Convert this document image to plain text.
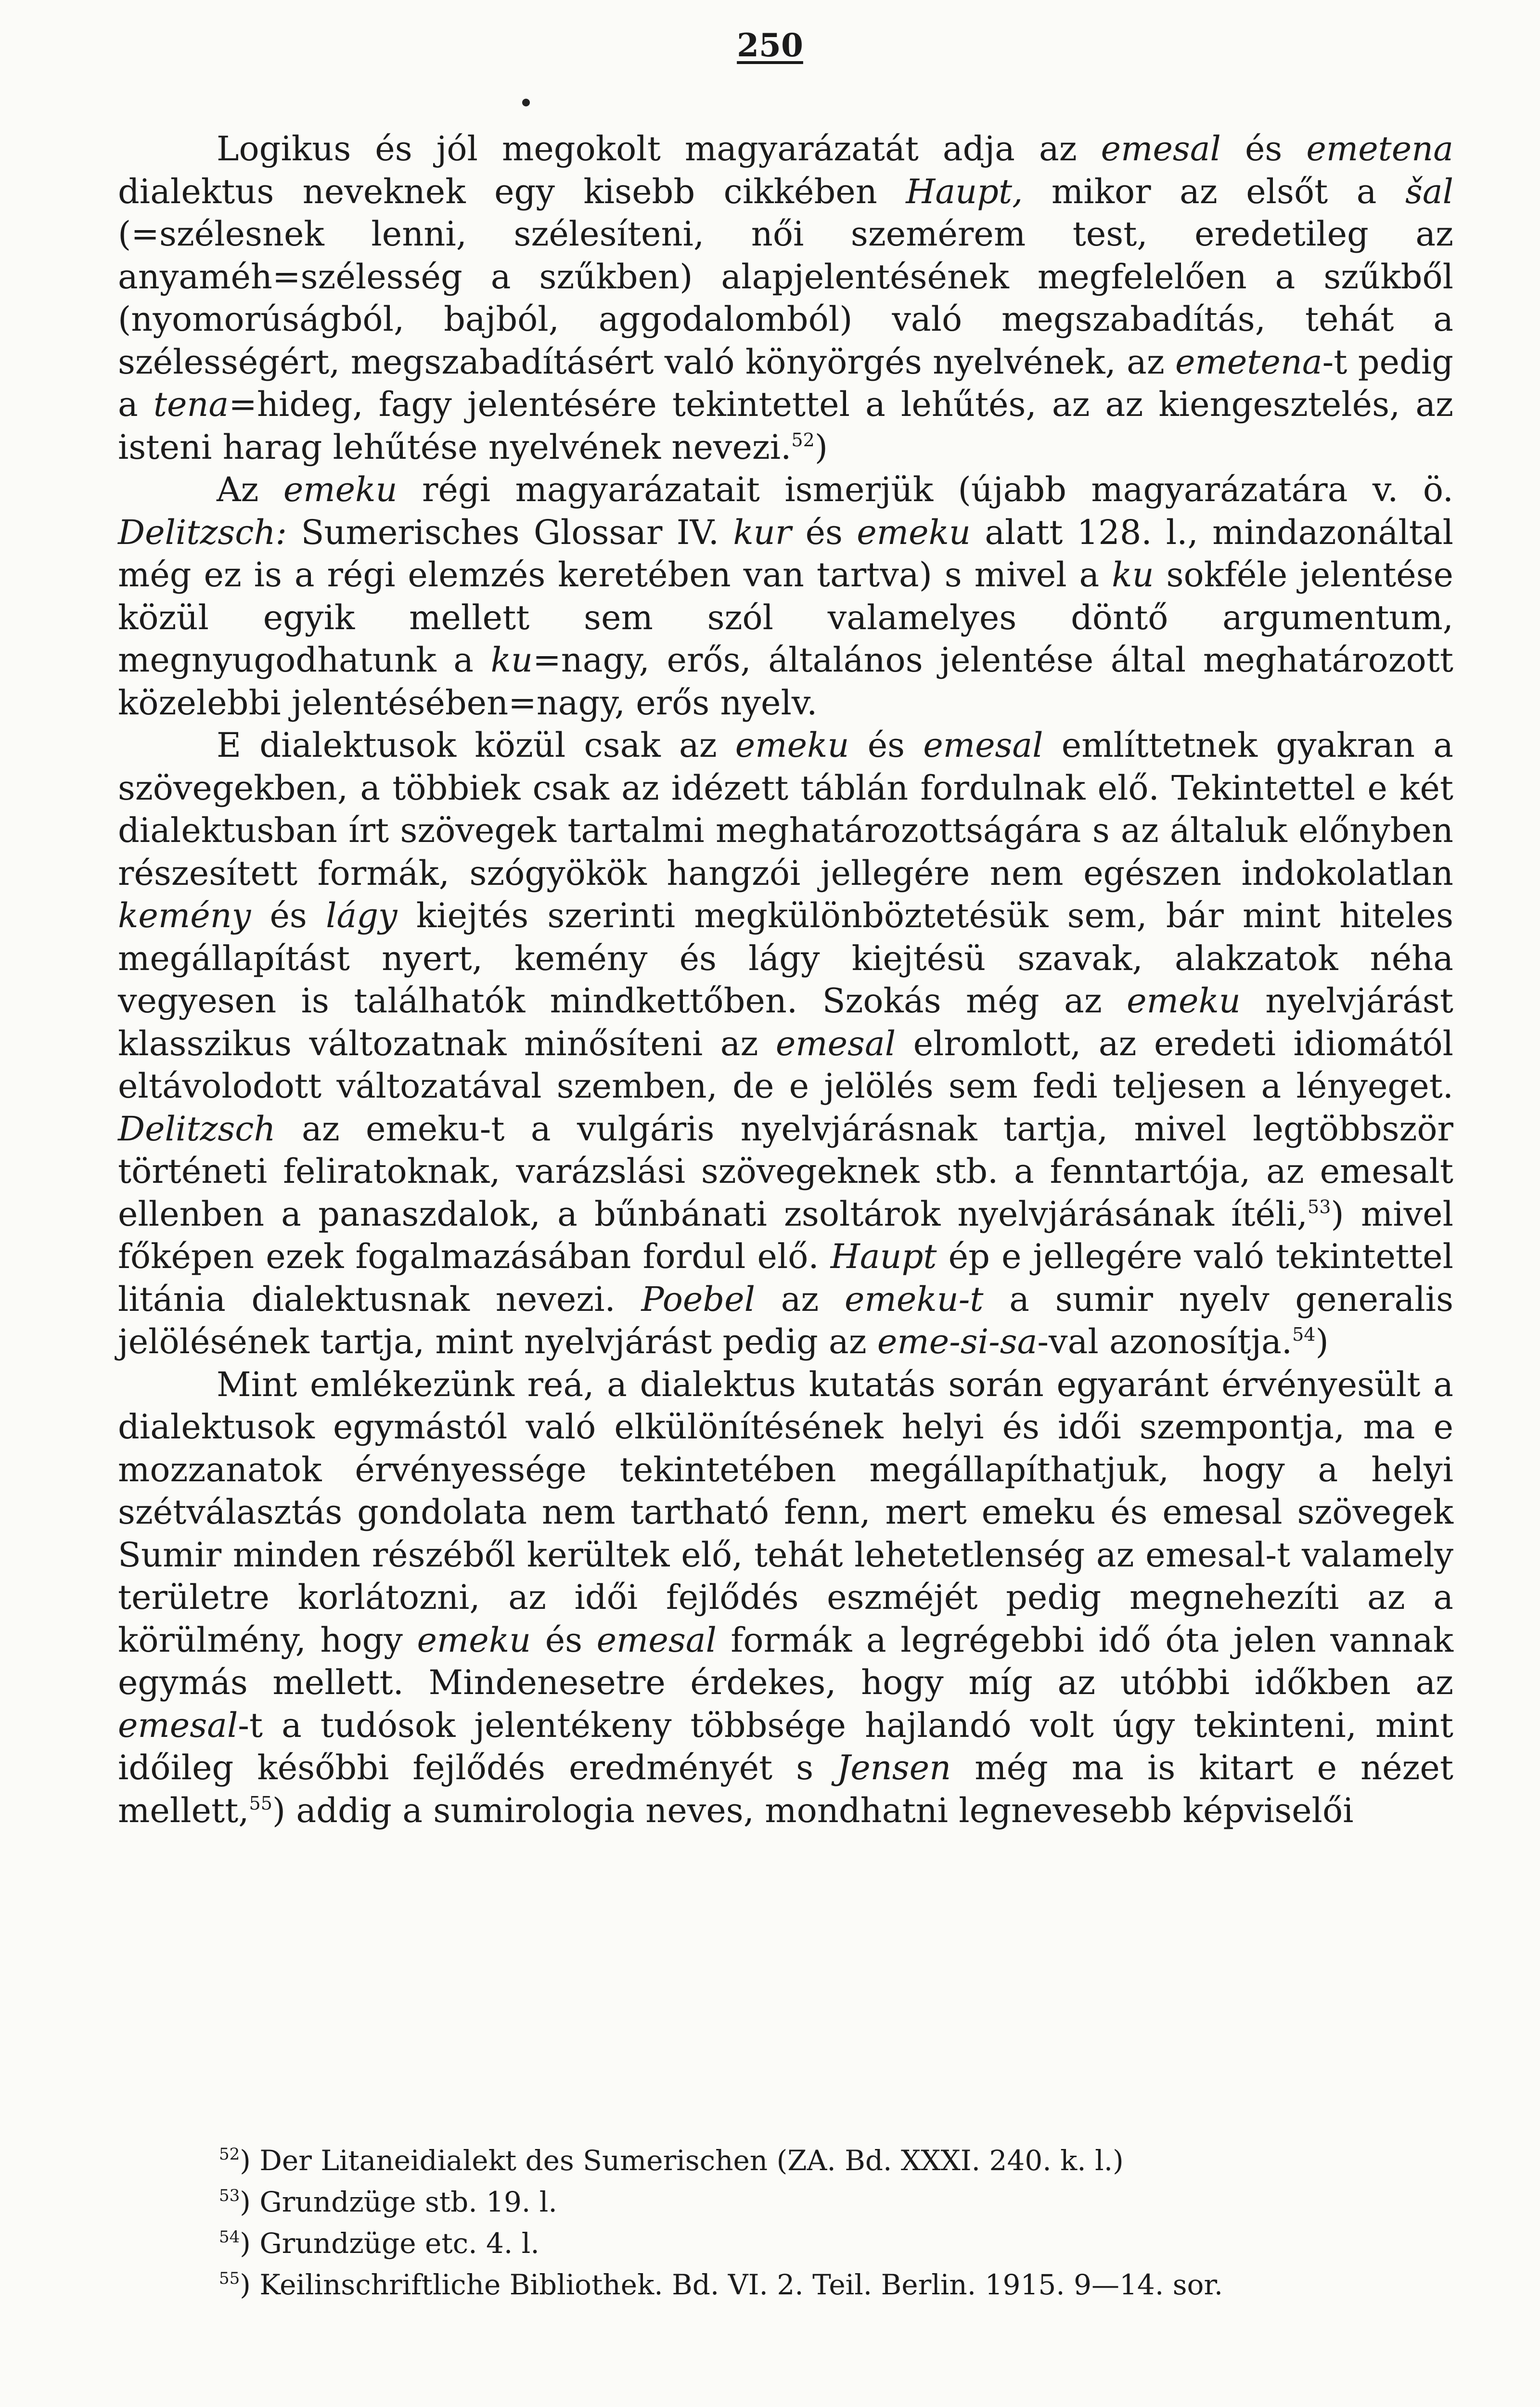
250

Logikus és jól megokolt magyarázatát adja az emesal és emetena dialektus neveknek egy kisebb cikkében Haupt, mikor az elsőt a šal (=szélesnek lenni, szélesíteni, női szemérem test, eredetileg az anyaméh=szélesség a szűkben) alapjelentésének megfelelően a szűkből (nyomorúságból, bajból, aggodalomból) való megszabadítás, tehát a szélességért, megszabadításért való könyörgés nyelvének, az emetena-t pedig a tena=hideg, fagy jelentésére tekintettel a lehűtés, az az kiengesztelés, az isteni harag lehűtése nyelvének nevezi.$^{52}$)

Az emeku régi magyarázatait ismerjük (újabb magyarázatára v. ö. Delitzsch: Sumerisches Glossar IV. kur és emeku alatt 128. l., mindazonáltal még ez is a régi elemzés keretében van tartva) s mivel a ku sokféle jelentése közül egyik mellett sem szól valamelyes döntő argumentum, megnyugodhatunk a ku=nagy, erős, általános jelentése által meghatározott közelebbi jelentésében=nagy, erős nyelv.

E dialektusok közül csak az emeku és emesal említtetnek gyakran a szövegekben, a többiek csak az idézett táblán fordulnak elő. Tekintettel e két dialektusban írt szövegek tartalmi meghatározottságára s az általuk előnyben részesített formák, szógyökök hangzói jellegére nem egészen indokolatlan kemény és lágy kiejtés szerinti megkülönböztetésük sem, bár mint hiteles megállapítást nyert, kemény és lágy kiejtésü szavak, alakzatok néha vegyesen is találhatók mindkettőben. Szokás még az emeku nyelvjárást klasszikus változatnak minősíteni az emesal elromlott, az eredeti idiomától eltávolodott változatával szemben, de e jelölés sem fedi teljesen a lényeget. Delitzsch az emeku-t a vulgáris nyelvjárásnak tartja, mivel legtöbbször történeti feliratoknak, varázslási szövegeknek stb. a fenntartója, az emesalt ellenben a panaszdalok, a bűnbánati zsoltárok nyelvjárásának ítéli,$^{53}$) mivel főképen ezek fogalmazásában fordul elő. Haupt ép e jellegére való tekintettel litánia dialektusnak nevezi. Poebel az emeku-t a sumir nyelv generalis jelölésének tartja, mint nyelvjárást pedig az eme-si-sa-val azonosítja.$^{54}$)

Mint emlékezünk reá, a dialektus kutatás során egyaránt érvényesült a dialektusok egymástól való elkülönítésének helyi és idői szempontja, ma e mozzanatok érvényessége tekintetében megállapíthatjuk, hogy a helyi szétválasztás gondolata nem tartható fenn, mert emeku és emesal szövegek Sumir minden részéből kerültek elő, tehát lehetetlenség az emesal-t valamely területre korlátozni, az idői fejlődés eszméjét pedig megnehezíti az a körülmény, hogy emeku és emesal formák a legrégebbi idő óta jelen vannak egymás mellett. Mindenesetre érdekes, hogy míg az utóbbi időkben az emesal-t a tudósok jelentékeny többsége hajlandó volt úgy tekinteni, mint időileg későbbi fejlődés eredményét s Jensen még ma is kitart e nézet mellett,$^{55}$) addig a sumirologia neves, mondhatni legnevesebb képviselői

$^{52}$) Der Litaneidialekt des Sumerischen (ZA. Bd. XXXI. 240. k. l.)
$^{53}$) Grundzüge stb. 19. l.
$^{54}$) Grundzüge etc. 4. l.
$^{55}$) Keilinschriftliche Bibliothek. Bd. VI. 2. Teil. Berlin. 1915. 9—14. sor.
